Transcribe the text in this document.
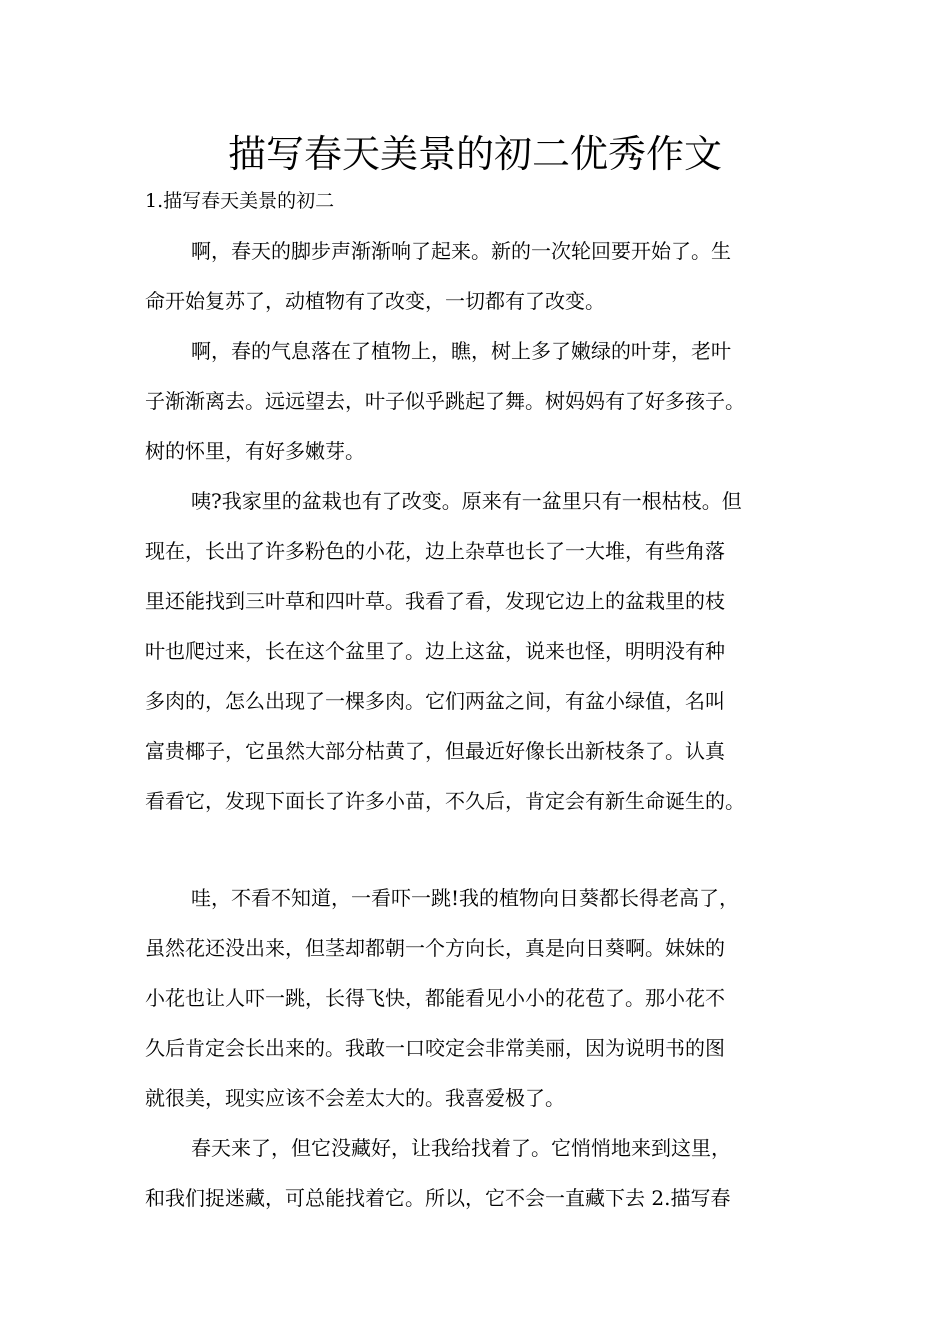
描写春天美景的初二优秀作文

1.描写春天美景的初二

啊，春天的脚步声渐渐响了起来。新的一次轮回要开始了。生
命开始复苏了，动植物有了改变，一切都有了改变。
啊，春的气息落在了植物上，瞧，树上多了嫩绿的叶芽，老叶
子渐渐离去。远远望去，叶子似乎跳起了舞。树妈妈有了好多孩子。
树的怀里，有好多嫩芽。
咦?我家里的盆栽也有了改变。原来有一盆里只有一根枯枝。但
现在，长出了许多粉色的小花，边上杂草也长了一大堆，有些角落
里还能找到三叶草和四叶草。我看了看，发现它边上的盆栽里的枝
叶也爬过来，长在这个盆里了。边上这盆，说来也怪，明明没有种
多肉的，怎么出现了一棵多肉。它们两盆之间，有盆小绿值，名叫
富贵椰子，它虽然大部分枯黄了，但最近好像长出新枝条了。认真
看看它，发现下面长了许多小苗，不久后，肯定会有新生命诞生的。
哇，不看不知道，一看吓一跳!我的植物向日葵都长得老高了，
虽然花还没出来，但茎却都朝一个方向长，真是向日葵啊。妹妹的
小花也让人吓一跳，长得飞快，都能看见小小的花苞了。那小花不
久后肯定会长出来的。我敢一口咬定会非常美丽，因为说明书的图
就很美，现实应该不会差太大的。我喜爱极了。
春天来了，但它没藏好，让我给找着了。它悄悄地来到这里，
和我们捉迷藏，可总能找着它。所以，它不会一直藏下去 2.描写春
